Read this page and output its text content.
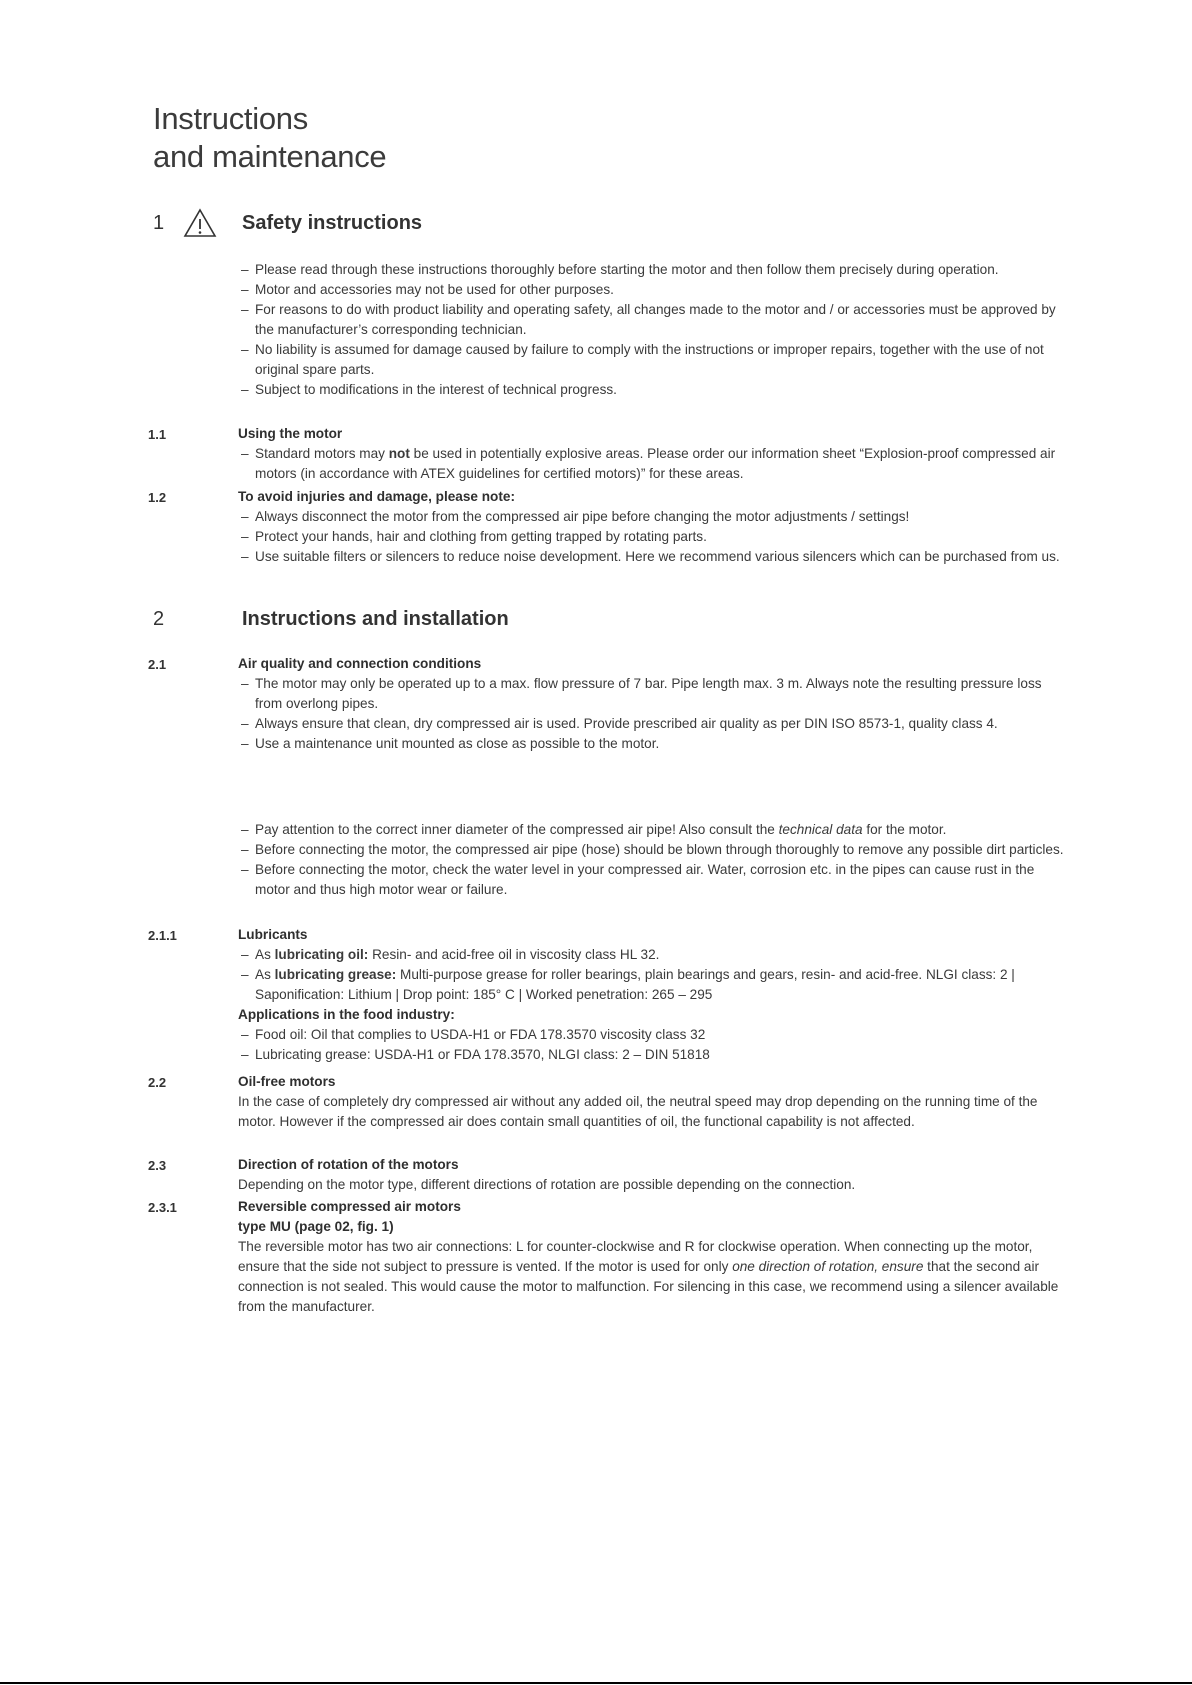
Instructions
and maintenance
1	Safety instructions
– Please read through these instructions thoroughly before starting the motor and then follow them precisely during operation.
– Motor and accessories may not be used for other purposes.
– For reasons to do with product liability and operating safety, all changes made to the motor and / or accessories must be approved by the manufacturer’s corresponding technician.
– No liability is assumed for damage caused by failure to comply with the instructions or improper repairs, together with the use of not original spare parts.
– Subject to modifications in the interest of technical progress.
1.1	Using the motor
– Standard motors may not be used in potentially explosive areas. Please order our information sheet “Explosion-proof compressed air motors (in accordance with ATEX guidelines for certified motors)” for these areas.
1.2	To avoid injuries and damage, please note:
– Always disconnect the motor from the compressed air pipe before changing the motor adjustments / settings!
– Protect your hands, hair and clothing from getting trapped by rotating parts.
– Use suitable filters or silencers to reduce noise development. Here we recommend various silencers which can be purchased from us.
2	Instructions and installation
2.1	Air quality and connection conditions
– The motor may only be operated up to a max. flow pressure of 7 bar. Pipe length max. 3 m. Always note the resulting pressure loss from overlong pipes.
– Always ensure that clean, dry compressed air is used. Provide prescribed air quality as per DIN ISO 8573-1, quality class 4.
– Use a maintenance unit mounted as close as possible to the motor.
– Pay attention to the correct inner diameter of the compressed air pipe! Also consult the technical data for the motor.
– Before connecting the motor, the compressed air pipe (hose) should be blown through thoroughly to remove any possible dirt particles.
– Before connecting the motor, check the water level in your compressed air. Water, corrosion etc. in the pipes can cause rust in the motor and thus high motor wear or failure.
2.1.1	Lubricants
– As lubricating oil: Resin- and acid-free oil in viscosity class HL 32.
– As lubricating grease: Multi-purpose grease for roller bearings, plain bearings and gears, resin- and acid-free. NLGI class: 2 | Saponification: Lithium | Drop point: 185° C | Worked penetration: 265 – 295
Applications in the food industry:
– Food oil: Oil that complies to USDA-H1 or FDA 178.3570 viscosity class 32
– Lubricating grease: USDA-H1 or FDA 178.3570, NLGI class: 2 – DIN 51818
2.2	Oil-free motors

In the case of completely dry compressed air without any added oil, the neutral speed may drop depending on the running time of the motor. However if the compressed air does contain small quantities of oil, the functional capability is not affected.

2.3	Direction of rotation of the motors

Depending on the motor type, different directions of rotation are possible depending on the connection.

2.3.1	Reversible compressed air motors
type MU (page 02, fig. 1)

The reversible motor has two air connections: L for counter-clockwise and R for clockwise operation. When connecting up the motor, ensure that the side not subject to pressure is vented. If the motor is used for only one direction of rotation, ensure that the second air connection is not sealed. This would cause the motor to malfunction. For silencing in this case, we recommend using a silencer available from the manufacturer.
